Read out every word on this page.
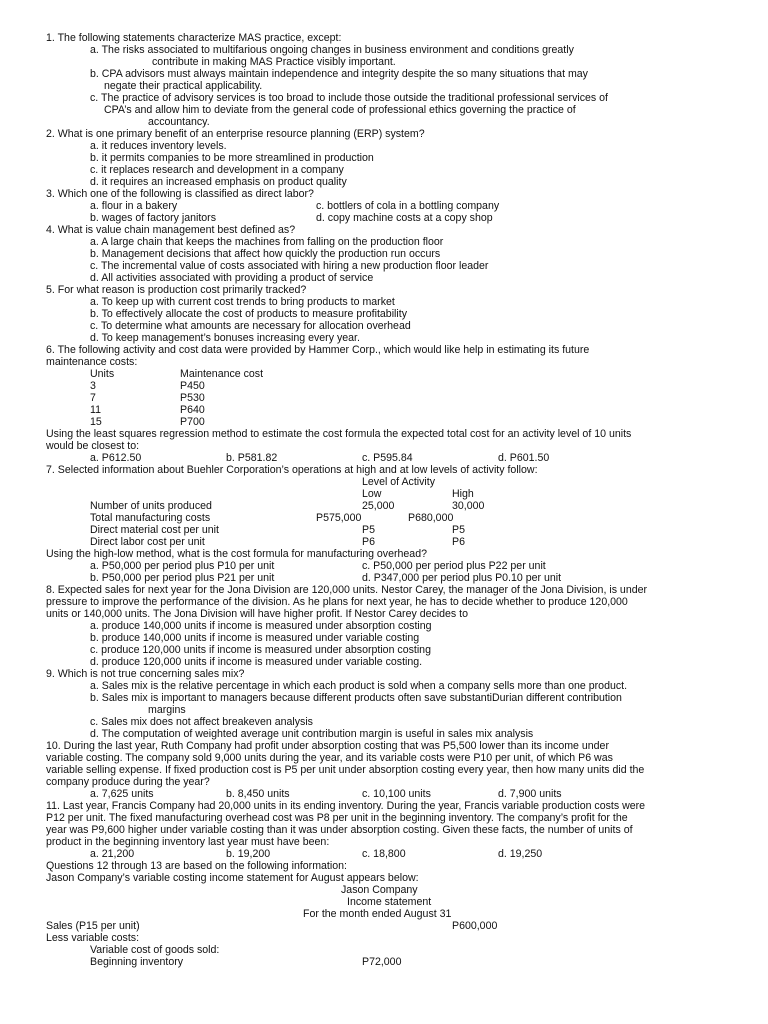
1. The following statements characterize MAS practice, except:
a. The risks associated to multifarious ongoing changes in business environment and conditions greatly
contribute in making MAS Practice visibly important.
b. CPA advisors must always maintain independence and integrity despite the so many situations that may
negate their practical applicability.
c. The practice of advisory services is too broad to include those outside the traditional professional services of
CPA’s and allow him to deviate from the general code of professional ethics governing the practice of
accountancy.
2. What is one primary benefit of an enterprise resource planning (ERP) system?
a. it reduces inventory levels.
b. it permits companies to be more streamlined in production
c. it replaces research and development in a company
d. it requires an increased emphasis on product quality
3. Which one of the following is classified as direct labor?
a. flour in a bakery	c. bottlers of cola in a bottling company
b. wages of factory janitors	d. copy machine costs at a copy shop
4. What is value chain management best defined as?
a. A large chain that keeps the machines from falling on the production floor
b. Management decisions that affect how quickly the production run occurs
c. The incremental value of costs associated with hiring a new production floor leader
d. All activities associated with providing a product of service
5. For what reason is production cost primarily tracked?
a. To keep up with current cost trends to bring products to market
b. To effectively allocate the cost of products to measure profitability
c. To determine what amounts are necessary for allocation overhead
d. To keep management’s bonuses increasing every year.
6. The following activity and cost data were provided by Hammer Corp., which would like help in estimating its future
maintenance costs:
Units	Maintenance cost
3	P450
7	P530
11	P640
15	P700
Using the least squares regression method to estimate the cost formula the expected total cost for an activity level of 10 units
would be closest to:
a. P612.50	b. P581.82	c. P595.84	d. P601.50
7. Selected information about Buehler Corporation’s operations at high and at low levels of activity follow:
Level of Activity
Low	High
Number of units produced	25,000	30,000
Total manufacturing costs	P575,000	P680,000
Direct material cost per unit	P5	P5
Direct labor cost per unit	P6	P6
Using the high-low method, what is the cost formula for manufacturing overhead?
a. P50,000 per period plus P10 per unit	c. P50,000 per period plus P22 per unit
b. P50,000 per period plus P21 per unit	d. P347,000 per period plus P0.10 per unit
8. Expected sales for next year for the Jona Division are 120,000 units. Nestor Carey, the manager of the Jona Division, is under
pressure to improve the performance of the division. As he plans for next year, he has to decide whether to produce 120,000
units or 140,000 units. The Jona Division will have higher profit. If Nestor Carey decides to
a. produce 140,000 units if income is measured under absorption costing
b. produce 140,000 units if income is measured under variable costing
c. produce 120,000 units if income is measured under absorption costing
d. produce 120,000 units if income is measured under variable costing.
9. Which is not true concerning sales mix?
a. Sales mix is the relative percentage in which each product is sold when a company sells more than one product.
b. Sales mix is important to managers because different products often save substantiDurian different contribution
margins
c. Sales mix does not affect breakeven analysis
d. The computation of weighted average unit contribution margin is useful in sales mix analysis
10. During the last year, Ruth Company had profit under absorption costing that was P5,500 lower than its income under
variable costing. The company sold 9,000 units during the year, and its variable costs were P10 per unit, of which P6 was
variable selling expense. If fixed production cost is P5 per unit under absorption costing every year, then how many units did the
company produce during the year?
a. 7,625 units	b. 8,450 units	c. 10,100 units	d. 7,900 units
11. Last year, Francis Company had 20,000 units in its ending inventory. During the year, Francis variable production costs were
P12 per unit. The fixed manufacturing overhead cost was P8 per unit in the beginning inventory. The company’s profit for the
year was P9,600 higher under variable costing than it was under absorption costing. Given these facts, the number of units of
product in the beginning inventory last year must have been:
a. 21,200	b. 19,200	c. 18,800	d. 19,250
Questions 12 through 13 are based on the following information:
Jason Company’s variable costing income statement for August appears below:
Jason Company
Income statement
For the month ended August 31
Sales (P15 per unit)	P600,000
Less variable costs:
Variable cost of goods sold:
Beginning inventory	P72,000
